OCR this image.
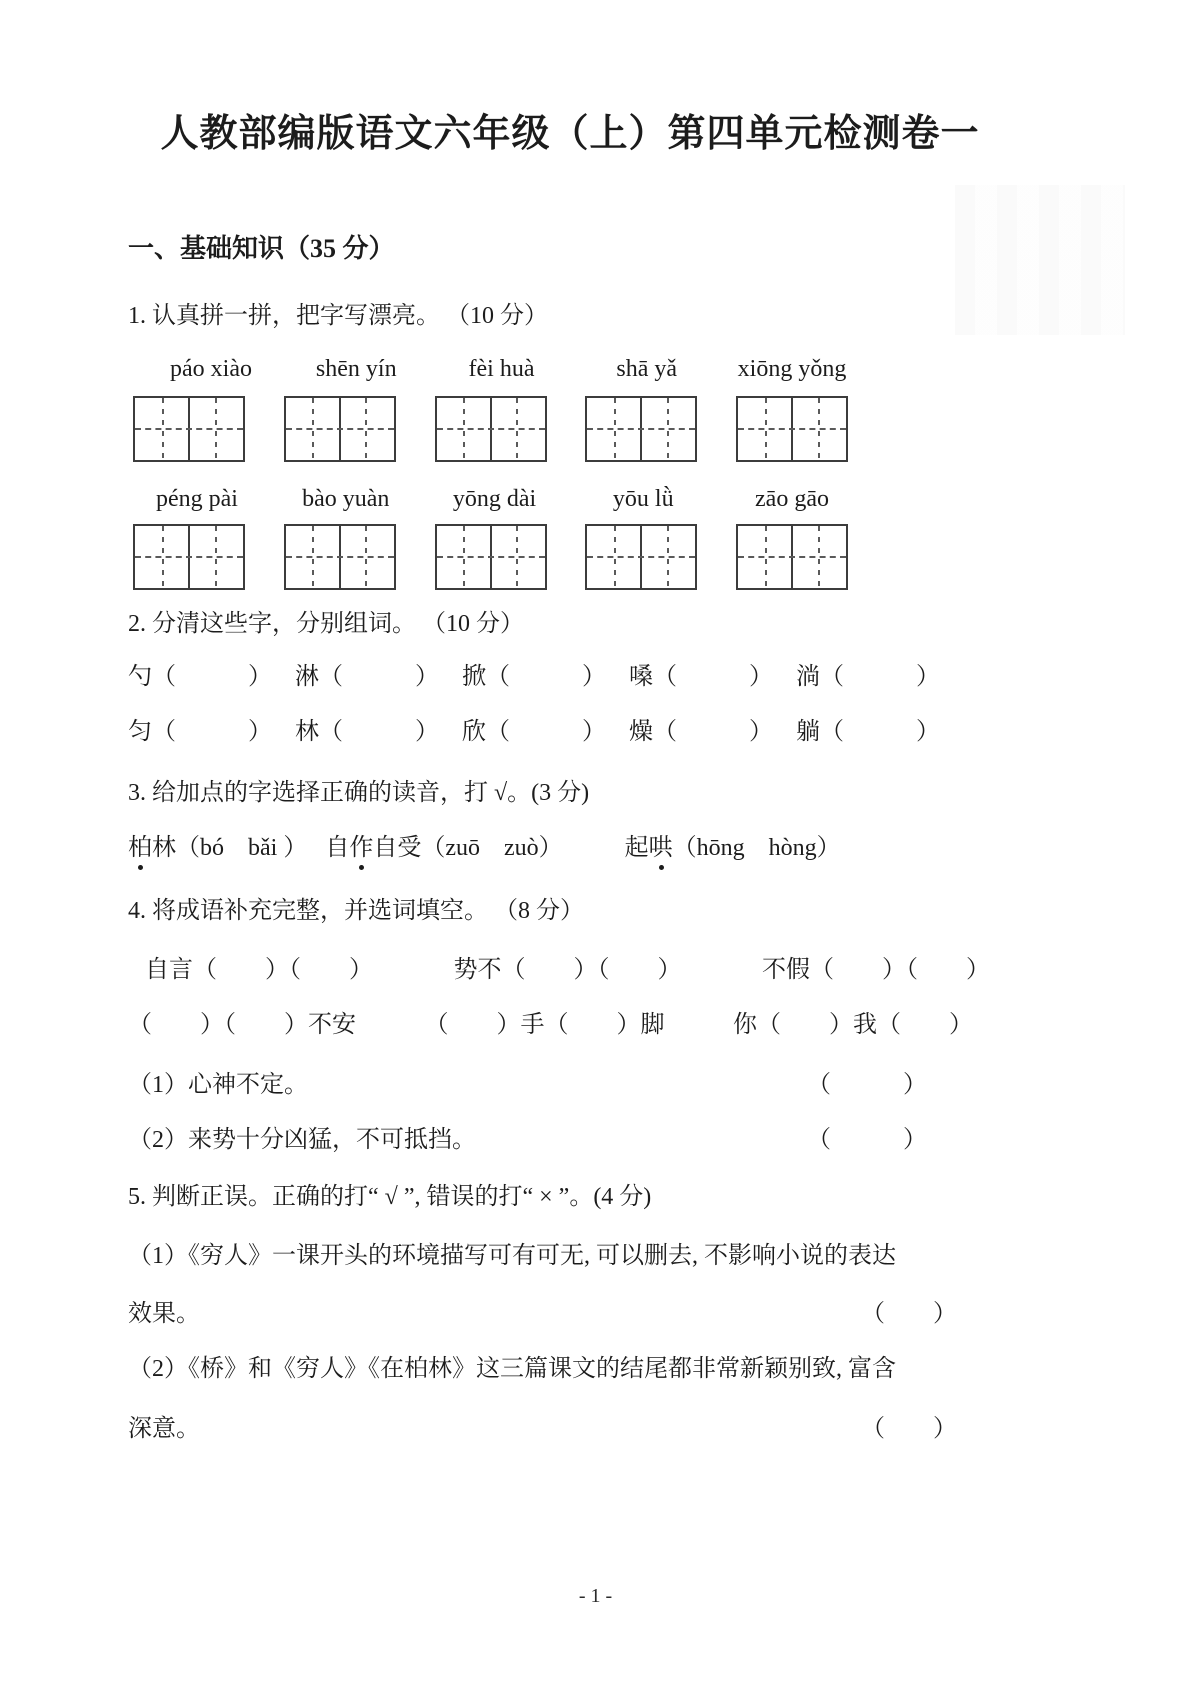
人教部编版语文六年级（上）第四单元检测卷一
一、基础知识（35 分）
1. 认真拼一拼，把字写漂亮。 （10 分）
páo xiào	shēn yín	fèi huà	shā yǎ	xiōng yǒng
péng pài	bào yuàn	yōng dài	yōu lǜ	zāo gāo
2. 分清这些字，分别组词。 （10 分）
勺（　　　） 淋（　　　） 掀（　　　） 嗓（　　　） 淌（　　　）
匀（　　　） 林（　　　） 欣（　　　） 燥（　　　） 躺（　　　）
3. 给加点的字选择正确的读音，打 √。(3 分)
柏林（bó　bǎi ） 自作自受（zuō　zuò）	起哄（hōng　hòng）
4. 将成语补充完整，并选词填空。 （8 分）
自言（　　）（　　）	势不（　　）（　　）	不假（　　）（　　）
（　　）（　　）不安	（　　）手（　　）脚	你（　　）我（　　）
（1）心神不定。	（　　　）
（2）来势十分凶猛，不可抵挡。	（　　　）
5. 判断正误。正确的打“ √ ”, 错误的打“ × ”。(4 分)
（1）《穷人》一课开头的环境描写可有可无, 可以删去, 不影响小说的表达
效果。	（　　）
（2）《桥》和《穷人》《在柏林》这三篇课文的结尾都非常新颖别致, 富含
深意。	（　　）
- 1 -
